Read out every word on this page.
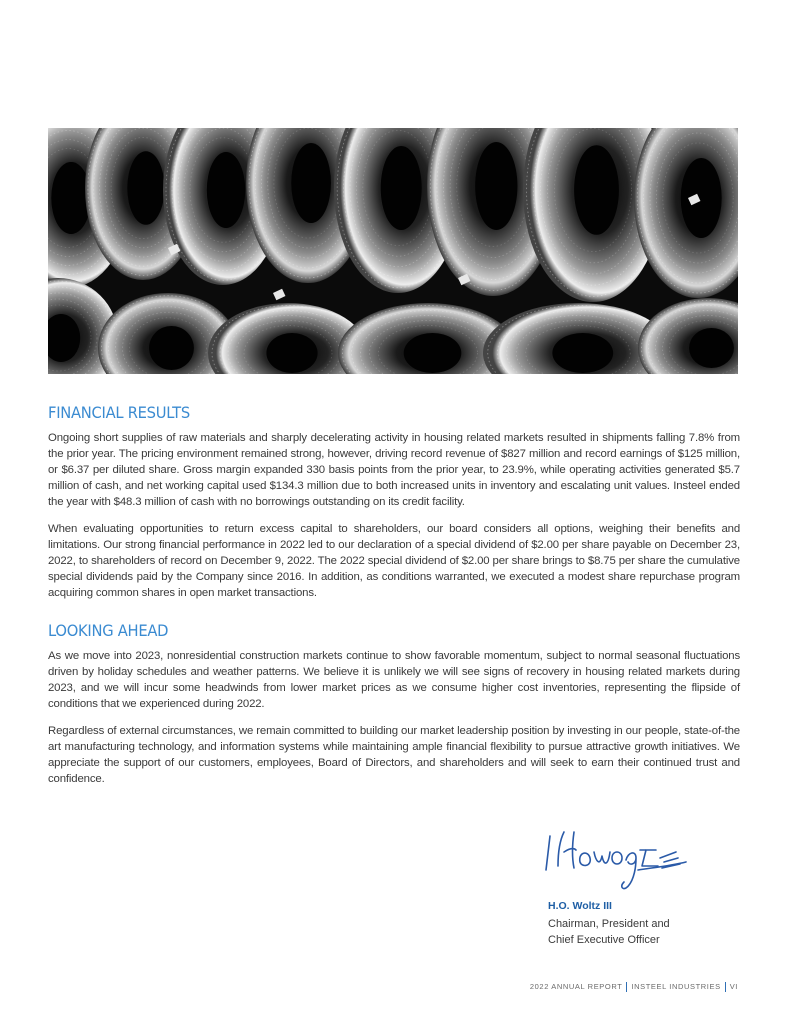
FINANCIAL RESULTS

Ongoing short supplies of raw materials and sharply decelerating activity in housing related markets resulted in shipments falling 7.8% from the prior year. The pricing environment remained strong, however, driving record revenue of $827 million and record earnings of $125 million, or $6.37 per diluted share. Gross margin expanded 330 basis points from the prior year, to 23.9%, while operating activities generated $5.7 million of cash, and net working capital used $134.3 million due to both increased units in inventory and escalating unit values. Insteel ended the year with $48.3 million of cash with no borrowings outstanding on its credit facility.

When evaluating opportunities to return excess capital to shareholders, our board considers all options, weighing their benefits and limitations. Our strong financial performance in 2022 led to our declaration of a special dividend of $2.00 per share payable on December 23, 2022, to shareholders of record on December 9, 2022. The 2022 special dividend of $2.00 per share brings to $8.75 per share the cumulative special dividends paid by the Company since 2016. In addition, as conditions warranted, we executed a modest share repurchase program acquiring common shares in open market transactions.

LOOKING AHEAD

As we move into 2023, nonresidential construction markets continue to show favorable momentum, subject to normal seasonal fluctuations driven by holiday schedules and weather patterns. We believe it is unlikely we will see signs of recovery in housing related markets during 2023, and we will incur some headwinds from lower market prices as we consume higher cost inventories, representing the flipside of conditions that we experienced during 2022.

Regardless of external circumstances, we remain committed to building our market leadership position by investing in our people, state-of-the art manufacturing technology, and information systems while maintaining ample financial flexibility to pursue attractive growth initiatives. We appreciate the support of our customers, employees, Board of Directors, and shareholders and will seek to earn their continued trust and confidence.

H.O. Woltz III
Chairman, President and
Chief Executive Officer
2022 ANNUAL REPORT INSTEEL INDUSTRIES VI
